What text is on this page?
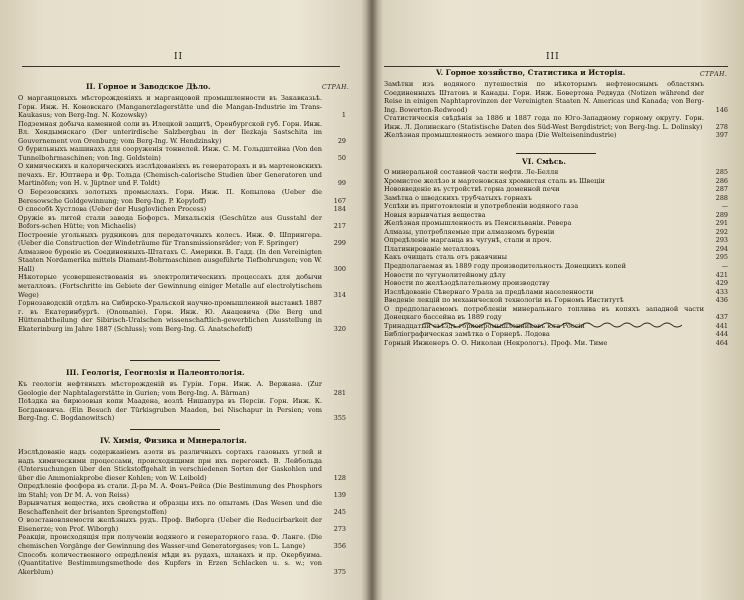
II
II. Горное и Заводское Дѣло.	СТРАН.
О марганцовыхъ мѣсторожденіяхъ и марганцовой промышленности въ Закавказьѣ. Горн. Инж. Н. Коновскаго (Manganerzlagerstätte und die Mangan-Industrie im Trans-Kaukasus; von Berg-Ing. N. Kozowsky)	1
Подземная добыча каменной соли въ Илецкой защитѣ, Оренбургской губ. Горн. Инж. Вл. Хендымнскаго (Der unterirdische Salzbergbau in der Ilezkaja Sastschita im Gouvernement von Orenburg; vom Berg-Ing. W. Hendzinsky)	29
О бурильныхъ машинахъ для сооруженія тоннелей. Инж. С. М. Гольдштейна (Von den Tunnelbohrmaschinen; von Ing. Goldstein)	50
О химическихъ и калорическихъ изслѣдованіяхъ въ генераторахъ и въ мартеновскихъ печахъ. Ег. Юптнера и Фр. Тольда (Chemisch-calorische Studien über Generatoren und Martinöfen; von H. v. Jüptner und F. Toldt)	99
О Березовскихъ золотыхъ промыслахъ. Горн. Инж. П. Копылова (Ueber die Beresowsche Goldgewinnung; von Berg-Ing. P. Kopyloff)	167
О способѣ Хустлова (Ueber der Husglovlichen Process)	184
Оружіе въ литой стали завода Бофорсъ. Михальскія (Geschütze aus Gusstahl der Bofors-schen Hütte; von Michaelis)	217
Построеніе угольныхъ рудниковъ для передаточныхъ колесъ. Инж. Ф. Шпрингера. (Ueber die Construction der Windeträume für Transmissionsräder; von F. Springer)	299
Алмазное буреніе въ Соединенныхъ-Штатахъ С. Америки. В. Гадд. (In den Vereinigten Staaten Nordamerika mittels Diamant-Bohrmaschinen ausgeführte Tiefbohrungen; von W. Hall)	300
Нѣкоторые усовершенствованія въ электролитическихъ процессахъ для добычи металловъ. (Fortschritte im Gebiete der Gewinnung einiger Metalle auf electrolytischem Wege)	314
Горнозаводскій отдѣлъ на Сибирско-Уральской научно-промышленной выставкѣ 1887 г. въ Екатеринбургѣ. (Onomanie). Горн. Инж. Ю. Анацевича (Die Berg und Hüttenabtheilung der Sibirisch-Uralschen wissenschaftlich-gewerblichen Ausstellung in Ekaterinburg im Jahre 1887 (Schluss); vom Berg-Ing. G. Anatschefeff)	320
III. Геологія, Геогнозія и Палеонтологія.
Къ геологіи нефтяныхъ мѣсторожденій въ Гуріи. Горн. Инж. А. Вержана. (Zur Geologie der Naphtalagerstätte in Gurien; vom Berg-Ing. A. Bärman)	281
Поѣздка на бирюзовыя копи Маадена, возлѣ Нишапура въ Персіи. Горн. Инж. К. Богдановича. (Ein Besuch der Türkisgruben Maaden, bei Nischapur in Persien; vom Berg-Ing. C. Bogdanowitsch)	355
IV. Химія, Физика и Минералогія.
Изслѣдованіе надъ содержаніемъ азотн въ различныхъ сортахъ газовыхъ углей и надъ химическими процессами, происходящими при ихъ перегонкѣ. В. Лейбольда (Untersuchungen über den Stickstoffgehalt in verschiedenen Sorten der Gaskohlen und über die Ammoniakprobe dieser Kohlen; von W. Leibold)	128
Опредѣленіе фосфора въ стали. Д-ра М. А. Фонъ-Рейса (Die Bestimmung des Phosphors im Stahl; von Dr M. A. von Reiss)	139
Взрывчатыя вещества, ихъ свойства и образцы ихъ по опытамъ (Das Wesen und die Beschaffenheit der brisanten Sprengstoffen)	245
О возстановляемости желѣзныхъ рудъ. Проф. Виборга (Ueber die Reducirbarkeit der Eisenerze; von Prof. Wiborgh)	273
Реакціи, происходящія при полученіи водяного и генераторного газа. Ф. Ланге. (Die chemischen Vorgänge der Gewinnung des Wasser-und Generatorgases; von L. Lange)	356
Способъ количественного опредѣленія мѣди въ рудахъ, шлакахъ и пр. Окербуима. (Quantitative Bestimmungsmethode des Kupfers in Erzen Schlacken u. s. w.; von Akerblum)	375
III
V. Горное хозяйство, Статистика и Исторія.	СТРАН.
Замѣтки изъ водяного путешествія по нѣкоторымъ нефтеноснымъ областямъ Соединенныхъ Штатовъ и Канады. Горн. Инж. Бовертона Редвуда (Notizen während der Reise in einigen Naphtaprovinzen der Vereinigten Staaten N. Americas und Kanada; von Berg-Ing. Bowerton-Redwood)	146
Статистическія свѣдѣнія за 1886 и 1887 года по Юго-Западному горному округу. Горн. Инж. Л. Долинскаго (Statistische Daten des Süd-West Bergdistrict; von Berg-Ing. L. Dolinsky) 278
Желѣзная промышленность земного шара (Die Welteisenindustrie)	397
VI. Смѣсь.
О минеральной составной части нефти. Ле-Белля	285
Хромистое желѣзо и мартеновская хромистая сталь въ Швеціи	286
Нововведеніе въ устройствѣ горна доменной печи	287
Замѣтка о шведскихъ трубчатыхъ горнахъ	288
Успѣхи въ приготовленіи и употребленіи водяного газа	—
Новыя взрывчатыя вещества	289
Желѣзная промышленность въ Пенсильваніи. Ревера	291
Алмазы, употребляемые при алмазномъ буреніи	292
Опредѣленіе марганца въ чугунѣ, стали и проч.	293
Платинированіе металловъ	294
Какъ очищать сталь отъ ржавчины	295
Предполагаемая въ 1889 году производительность Донецкихъ копей	—
Новости по чугунолитейному дѣлу	421
Новости по желѣзодѣлательному производству	429
Изслѣдованіе Сѣвернаго Урала за предѣлами населенности	433
Введеніе лекцій по механической технологіи въ Горномъ Институтѣ	436
О предполагаемомъ потребленіи минеральнаго топлива въ копяхъ западной части Донецкаго бассейна въ 1889 году	437
Тринадцатый съѣздъ горнопромышленниковъ юга Россіи	441
Библіографическая замѣтка о Горнерѣ. Лодова	444
Горный Инженеръ О. О. Николаи (Некрологъ). Проф. Ми. Тиме	464
